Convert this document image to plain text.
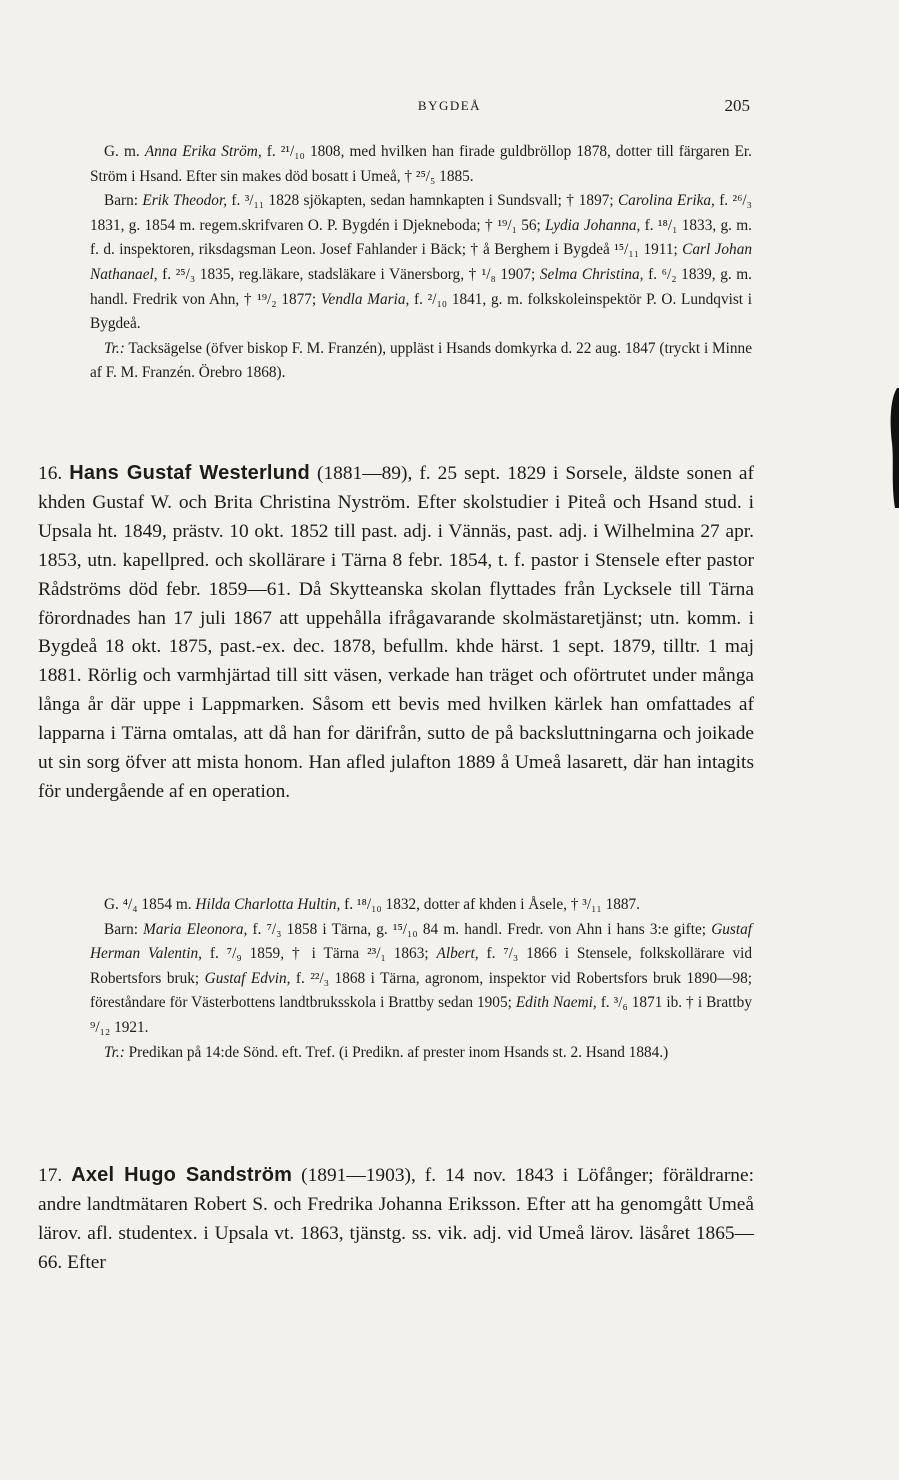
BYGDEÅ	205

G. m. Anna Erika Ström, f. ²¹/₁₀ 1808, med hvilken han firade guldbröllop 1878, dotter till färgaren Er. Ström i Hsand. Efter sin makes död bosatt i Umeå, † ²⁵/₅ 1885.

Barn: Erik Theodor, f. ³/₁₁ 1828 sjökapten, sedan hamnkapten i Sundsvall; † 1897; Carolina Erika, f. ²⁶/₃ 1831, g. 1854 m. regem.skrifvaren O. P. Bygdén i Djekneboda; † ¹⁹/₁ 56; Lydia Johanna, f. ¹⁸/₁ 1833, g. m. f. d. inspektoren, riksdagsman Leon. Josef Fahlander i Bäck; † å Berghem i Bygdeå ¹⁵/₁₁ 1911; Carl Johan Nathanael, f. ²⁵/₃ 1835, reg.läkare, stadsläkare i Vänersborg, † ¹/₈ 1907; Selma Christina, f. ⁶/₂ 1839, g. m. handl. Fredrik von Ahn, † ¹⁹/₂ 1877; Vendla Maria, f. ²/₁₀ 1841, g. m. folkskoleinspektör P. O. Lundqvist i Bygdeå.

Tr.: Tacksägelse (öfver biskop F. M. Franzén), uppläst i Hsands domkyrka d. 22 aug. 1847 (tryckt i Minne af F. M. Franzén. Örebro 1868).

16. Hans Gustaf Westerlund (1881—89), f. 25 sept. 1829 i Sorsele, äldste sonen af khden Gustaf W. och Brita Christina Nyström. Efter skolstudier i Piteå och Hsand stud. i Upsala ht. 1849, prästv. 10 okt. 1852 till past. adj. i Vännäs, past. adj. i Wilhelmina 27 apr. 1853, utn. kapellpred. och skollärare i Tärna 8 febr. 1854, t. f. pastor i Stensele efter pastor Rådströms död febr. 1859—61. Då Skytteanska skolan flyttades från Lycksele till Tärna förordnades han 17 juli 1867 att uppehålla ifrågavarande skolmästaretjänst; utn. komm. i Bygdeå 18 okt. 1875, past.-ex. dec. 1878, befullm. khde härst. 1 sept. 1879, tilltr. 1 maj 1881. Rörlig och varmhjärtad till sitt väsen, verkade han träget och oförtrutet under många långa år där uppe i Lappmarken. Såsom ett bevis med hvilken kärlek han omfattades af lapparna i Tärna omtalas, att då han for därifrån, sutto de på backsluttningarna och joikade ut sin sorg öfver att mista honom. Han afled julafton 1889 å Umeå lasarett, där han intagits för undergående af en operation.

G. ⁴/₄ 1854 m. Hilda Charlotta Hultin, f. ¹⁸/₁₀ 1832, dotter af khden i Åsele, † ³/₁₁ 1887.

Barn: Maria Eleonora, f. ⁷/₃ 1858 i Tärna, g. ¹⁵/₁₀ 84 m. handl. Fredr. von Ahn i hans 3:e gifte; Gustaf Herman Valentin, f. ⁷/₉ 1859, † i Tärna ²³/₁ 1863; Albert, f. ⁷/₃ 1866 i Stensele, folkskollärare vid Robertsfors bruk; Gustaf Edvin, f. ²²/₃ 1868 i Tärna, agronom, inspektor vid Robertsfors bruk 1890—98; föreståndare för Västerbottens landtbruksskola i Brattby sedan 1905; Edith Naemi, f. ³/₆ 1871 ib. † i Brattby ⁹/₁₂ 1921.

Tr.: Predikan på 14:de Sönd. eft. Tref. (i Predikn. af prester inom Hsands st. 2. Hsand 1884.)

17. Axel Hugo Sandström (1891—1903), f. 14 nov. 1843 i Löfånger; föräldrarne: andre landtmätaren Robert S. och Fredrika Johanna Eriksson. Efter att ha genomgått Umeå lärov. afl. studentex. i Upsala vt. 1863, tjänstg. ss. vik. adj. vid Umeå lärov. läsåret 1865—66. Efter
